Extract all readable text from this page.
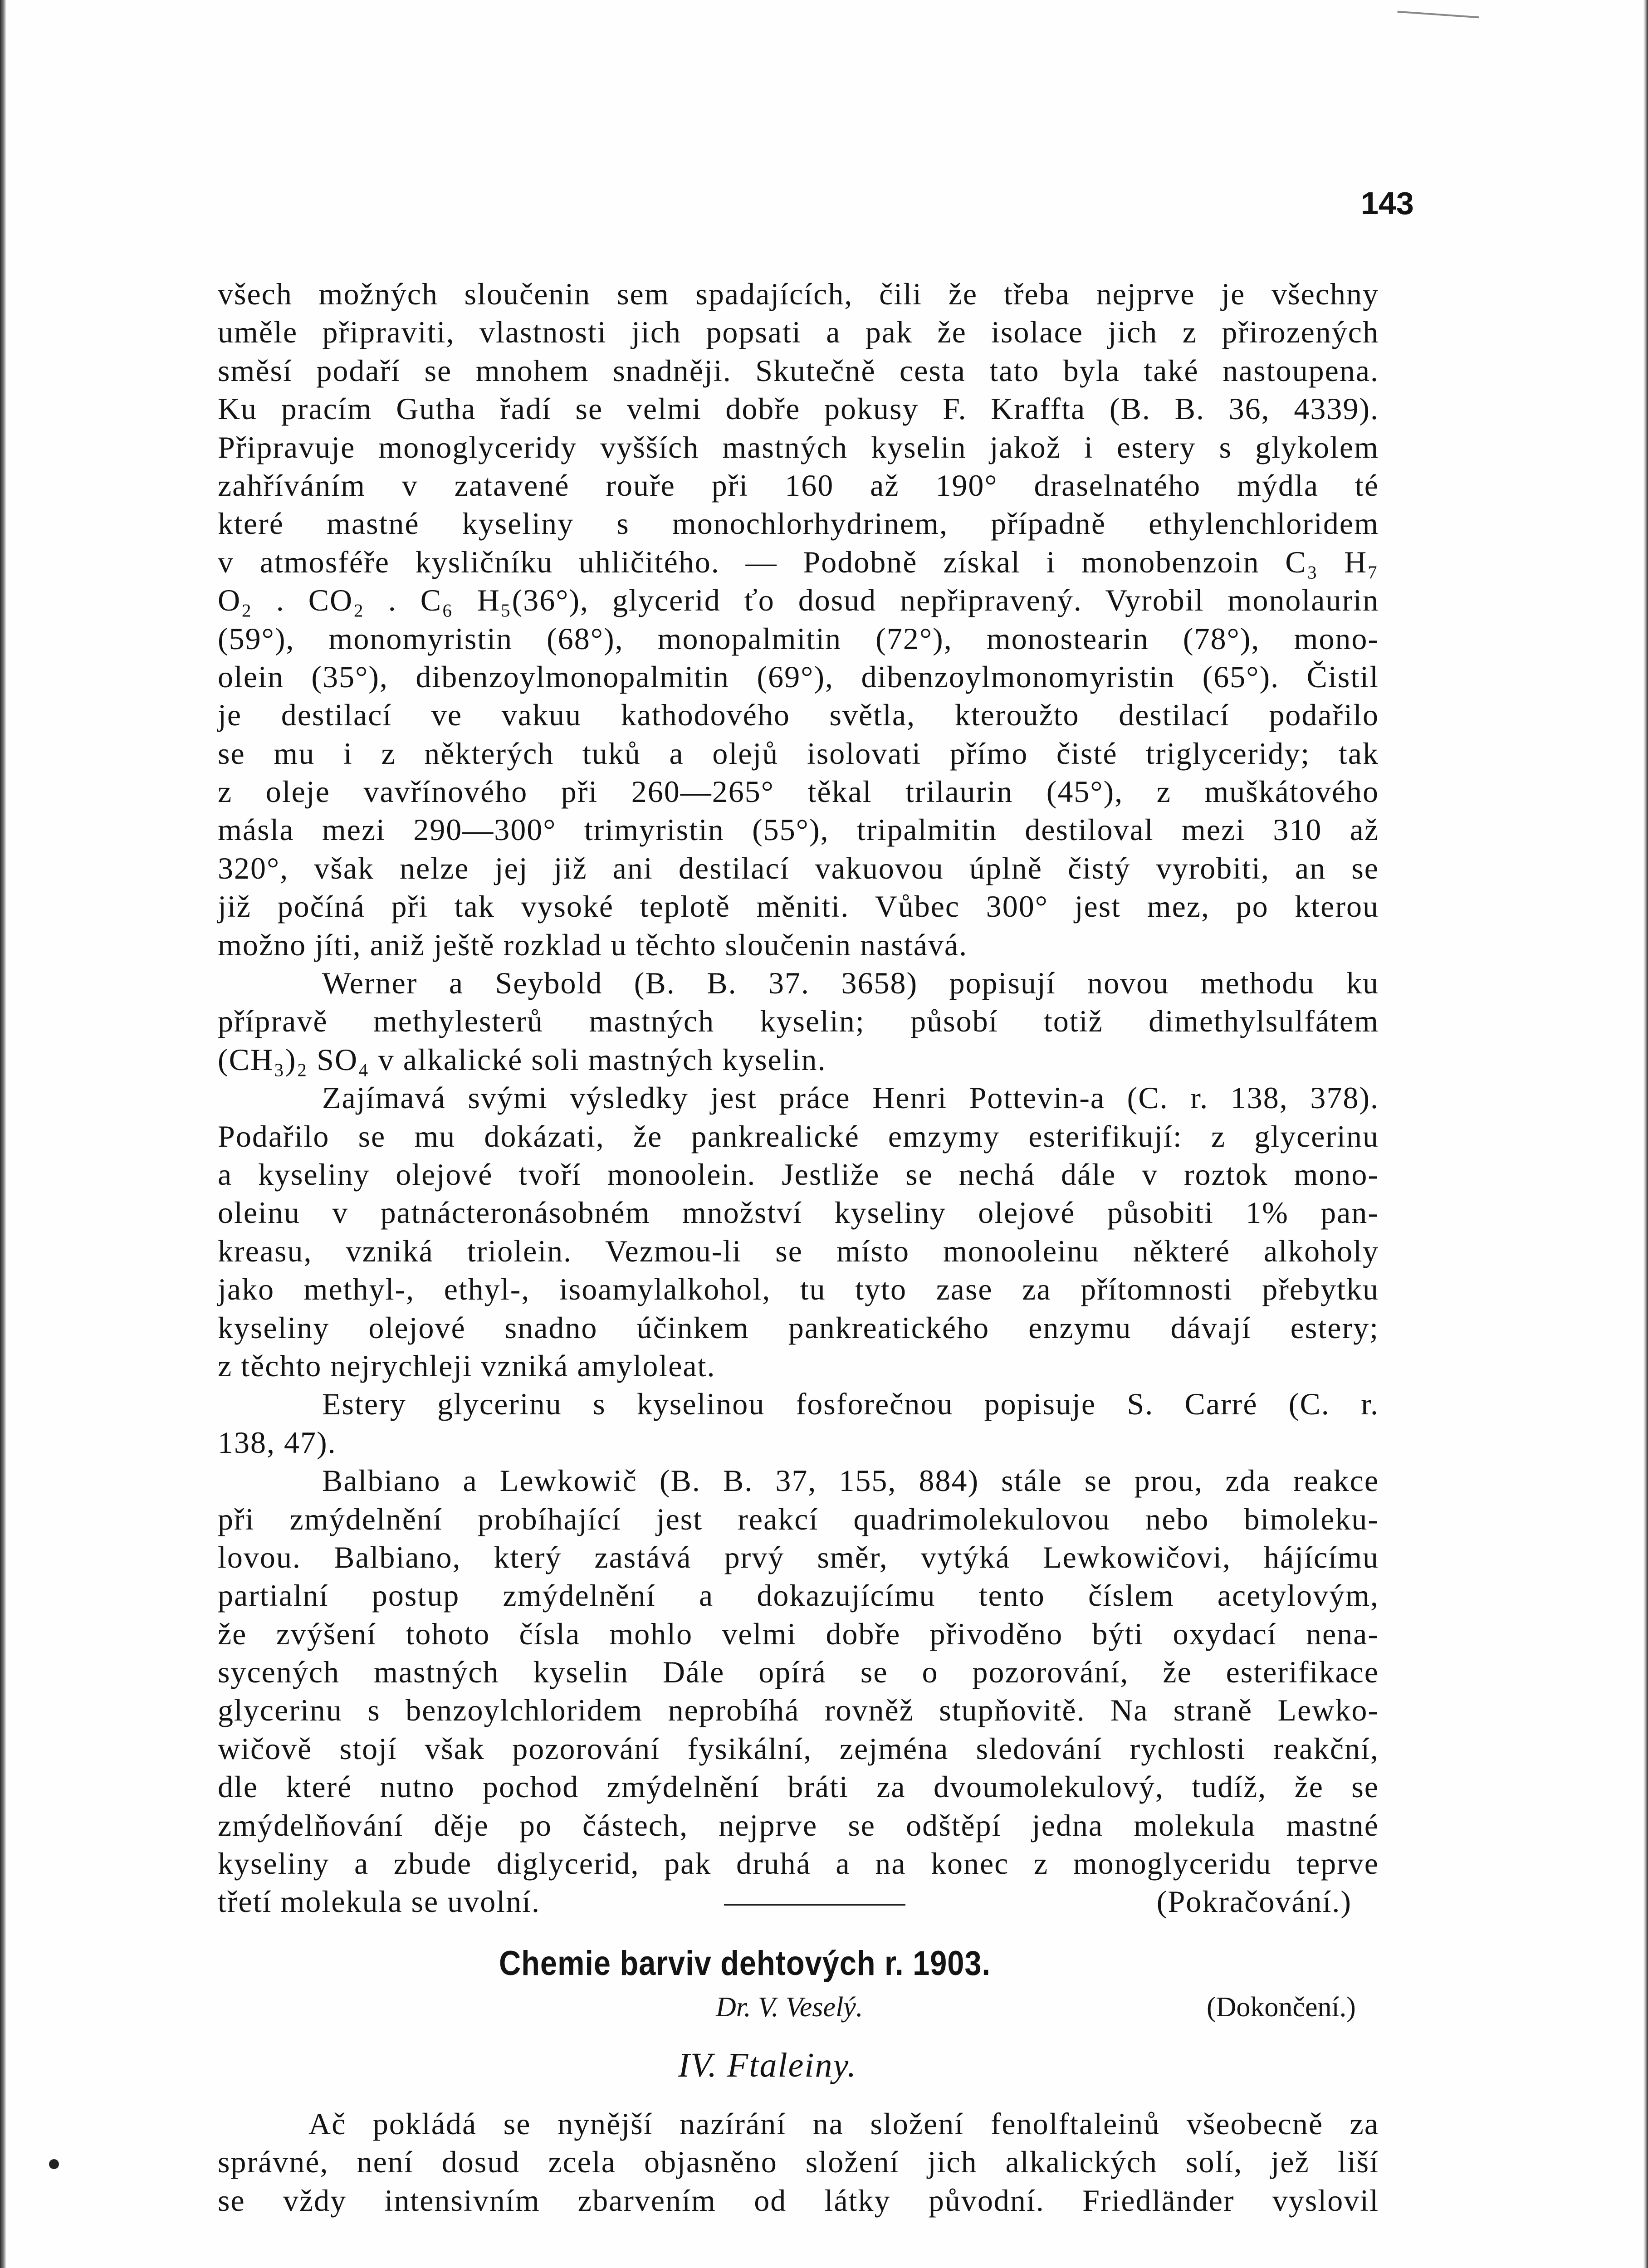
143
všech možných sloučenin sem spadajících, čili že třeba nejprve je všechny
uměle připraviti, vlastnosti jich popsati a pak že isolace jich z přirozených
směsí podaří se mnohem snadněji. Skutečně cesta tato byla také nastoupena.
Ku pracím Gutha řadí se velmi dobře pokusy F. Kraffta (B. B. 36, 4339).
Připravuje monoglyceridy vyšších mastných kyselin jakož i estery s glykolem
zahříváním v zatavené rouře při 160 až 190° draselnatého mýdla té
které mastné kyseliny s monochlorhydrinem, případně ethylenchloridem
v atmosféře kysličníku uhličitého. — Podobně získal i monobenzoin C₃ H₇
O₂ . CO₂ . C₆ H₅(36°), glycerid ťo dosud nepřipravený. Vyrobil monolaurin
(59°), monomyristin (68°), monopalmitin (72°), monostearin (78°), mono-
olein (35°), dibenzoylmonopalmitin (69°), dibenzoylmonomyristin (65°). Čistil
je destilací ve vakuu kathodového světla, kteroužto destilací podařilo
se mu i z některých tuků a olejů isolovati přímo čisté triglyceridy; tak
z oleje vavřínového při 260—265° těkal trilaurin (45°), z muškátového
másla mezi 290—300° trimyristin (55°), tripalmitin destiloval mezi 310 až
320°, však nelze jej již ani destilací vakuovou úplně čistý vyrobiti, an se
již počíná při tak vysoké teplotě měniti. Vůbec 300° jest mez, po kterou
možno jíti, aniž ještě rozklad u těchto sloučenin nastává.
Werner a Seybold (B. B. 37. 3658) popisují novou methodu ku
přípravě methylesterů mastných kyselin; působí totiž dimethylsulfátem
(CH₃)₂ SO₄ v alkalické soli mastných kyselin.
Zajímavá svými výsledky jest práce Henri Pottevin-a (C. r. 138, 378).
Podařilo se mu dokázati, že pankrealické emzymy esterifikují: z glycerinu
a kyseliny olejové tvoří monoolein. Jestliže se nechá dále v roztok mono-
oleinu v patnácteronásobném množství kyseliny olejové působiti 1% pan-
kreasu, vzniká triolein. Vezmou-li se místo monooleinu některé alkoholy
jako methyl-, ethyl-, isoamylalkohol, tu tyto zase za přítomnosti přebytku
kyseliny olejové snadno účinkem pankreatického enzymu dávají estery;
z těchto nejrychleji vzniká amyloleat.
Estery glycerinu s kyselinou fosforečnou popisuje S. Carré (C. r.
138, 47).
Balbiano a Lewkowič (B. B. 37, 155, 884) stále se prou, zda reakce
při zmýdelnění probíhající jest reakcí quadrimolekulovou nebo bimoleku-
lovou. Balbiano, který zastává prvý směr, vytýká Lewkowičovi, hájícímu
partialní postup zmýdelnění a dokazujícímu tento číslem acetylovým,
že zvýšení tohoto čísla mohlo velmi dobře přivoděno býti oxydací nena-
sycených mastných kyselin Dále opírá se o pozorování, že esterifikace
glycerinu s benzoylchloridem neprobíhá rovněž stupňovitě. Na straně Lewko-
wičově stojí však pozorování fysikální, zejména sledování rychlosti reakční,
dle které nutno pochod zmýdelnění bráti za dvoumolekulový, tudíž, že se
zmýdelňování děje po částech, nejprve se odštěpí jedna molekula mastné
kyseliny a zbude diglycerid, pak druhá a na konec z monoglyceridu teprve
třetí molekula se uvolní.	(Pokračování.)
Chemie barviv dehtových r. 1903.
Dr. V. Veselý.	(Dokončení.)
IV. Ftaleiny.
Ač pokládá se nynější nazírání na složení fenolftaleinů všeobecně za
správné, není dosud zcela objasněno složení jich alkalických solí, jež liší
se vždy intensivním zbarvením od látky původní. Friedländer vyslovil
